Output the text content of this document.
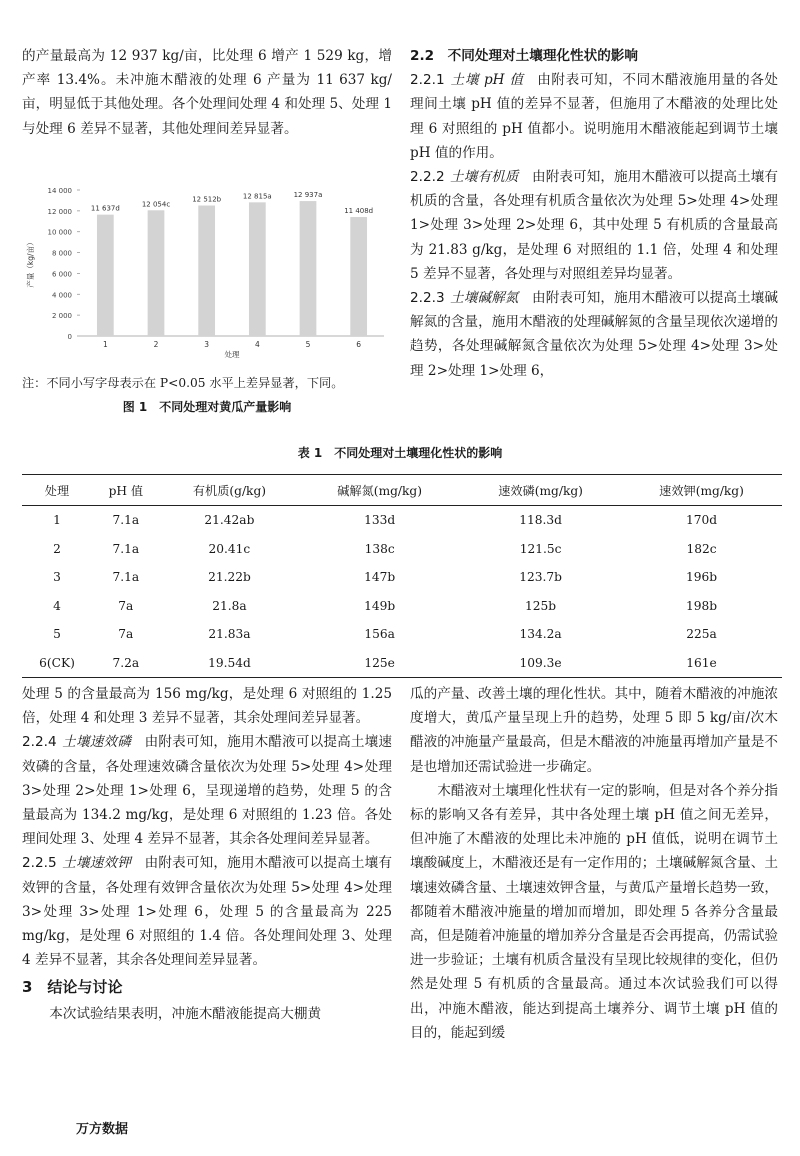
的产量最高为 12 937 kg/亩，比处理 6 增产 1 529 kg，增产率 13.4%。未冲施木醋液的处理 6 产量为 11 637 kg/亩，明显低于其他处理。各个处理间处理 4 和处理 5、处理 1 与处理 6 差异不显著，其他处理间差异显著。

0
2 000
4 000
6 000
8 000
10 000
12 000
14 000
产量（kg/亩）
11 637d
1
12 054c
2
12 512b
3
12 815a
4
12 937a
5
11 408d
6
处理
注：不同小写字母表示在 P<0.05 水平上差异显著，下同。
图 1　不同处理对黄瓜产量影响
2.2　不同处理对土壤理化性状的影响

2.2.1 土壤 pH 值 由附表可知，不同木醋液施用量的各处理间土壤 pH 值的差异不显著，但施用了木醋液的处理比处理 6 对照组的 pH 值都小。说明施用木醋液能起到调节土壤 pH 值的作用。

2.2.2 土壤有机质 由附表可知，施用木醋液可以提高土壤有机质的含量，各处理有机质含量依次为处理 5>处理 4>处理 1>处理 3>处理 2>处理 6，其中处理 5 有机质的含量最高为 21.83 g/kg，是处理 6 对照组的 1.1 倍，处理 4 和处理 5 差异不显著，各处理与对照组差异均显著。

2.2.3 土壤碱解氮 由附表可知，施用木醋液可以提高土壤碱解氮的含量，施用木醋液的处理碱解氮的含量呈现依次递增的趋势，各处理碱解氮含量依次为处理 5>处理 4>处理 3>处理 2>处理 1>处理 6，

表 1　不同处理对土壤理化性状的影响
处理	pH 值	有机质(g/kg)	碱解氮(mg/kg)	速效磷(mg/kg)	速效钾(mg/kg)
1	7.1a	21.42ab	133d	118.3d	170d
2	7.1a	20.41c	138c	121.5c	182c
3	7.1a	21.22b	147b	123.7b	196b
4	7a	21.8a	149b	125b	198b
5	7a	21.83a	156a	134.2a	225a
6(CK)	7.2a	19.54d	125e	109.3e	161e

处理 5 的含量最高为 156 mg/kg，是处理 6 对照组的 1.25 倍，处理 4 和处理 3 差异不显著，其余处理间差异显著。

2.2.4 土壤速效磷 由附表可知，施用木醋液可以提高土壤速效磷的含量，各处理速效磷含量依次为处理 5>处理 4>处理 3>处理 2>处理 1>处理 6，呈现递增的趋势，处理 5 的含量最高为 134.2 mg/kg，是处理 6 对照组的 1.23 倍。各处理间处理 3、处理 4 差异不显著，其余各处理间差异显著。

2.2.5 土壤速效钾 由附表可知，施用木醋液可以提高土壤有效钾的含量，各处理有效钾含量依次为处理 5>处理 4>处理 3>处理 3>处理 1>处理 6，处理 5 的含量最高为 225 mg/kg，是处理 6 对照组的 1.4 倍。各处理间处理 3、处理 4 差异不显著，其余各处理间差异显著。

3　结论与讨论

本次试验结果表明，冲施木醋液能提高大棚黄

瓜的产量、改善土壤的理化性状。其中，随着木醋液的冲施浓度增大，黄瓜产量呈现上升的趋势，处理 5 即 5 kg/亩/次木醋液的冲施量产量最高，但是木醋液的冲施量再增加产量是不是也增加还需试验进一步确定。

木醋液对土壤理化性状有一定的影响，但是对各个养分指标的影响又各有差异，其中各处理土壤 pH 值之间无差异，但冲施了木醋液的处理比未冲施的 pH 值低，说明在调节土壤酸碱度上，木醋液还是有一定作用的；土壤碱解氮含量、土壤速效磷含量、土壤速效钾含量，与黄瓜产量增长趋势一致，都随着木醋液冲施量的增加而增加，即处理 5 各养分含量最高，但是随着冲施量的增加养分含量是否会再提高，仍需试验进一步验证；土壤有机质含量没有呈现比较规律的变化，但仍然是处理 5 有机质的含量最高。通过本次试验我们可以得出，冲施木醋液，能达到提高土壤养分、调节土壤 pH 值的目的，能起到缓

万方数据
